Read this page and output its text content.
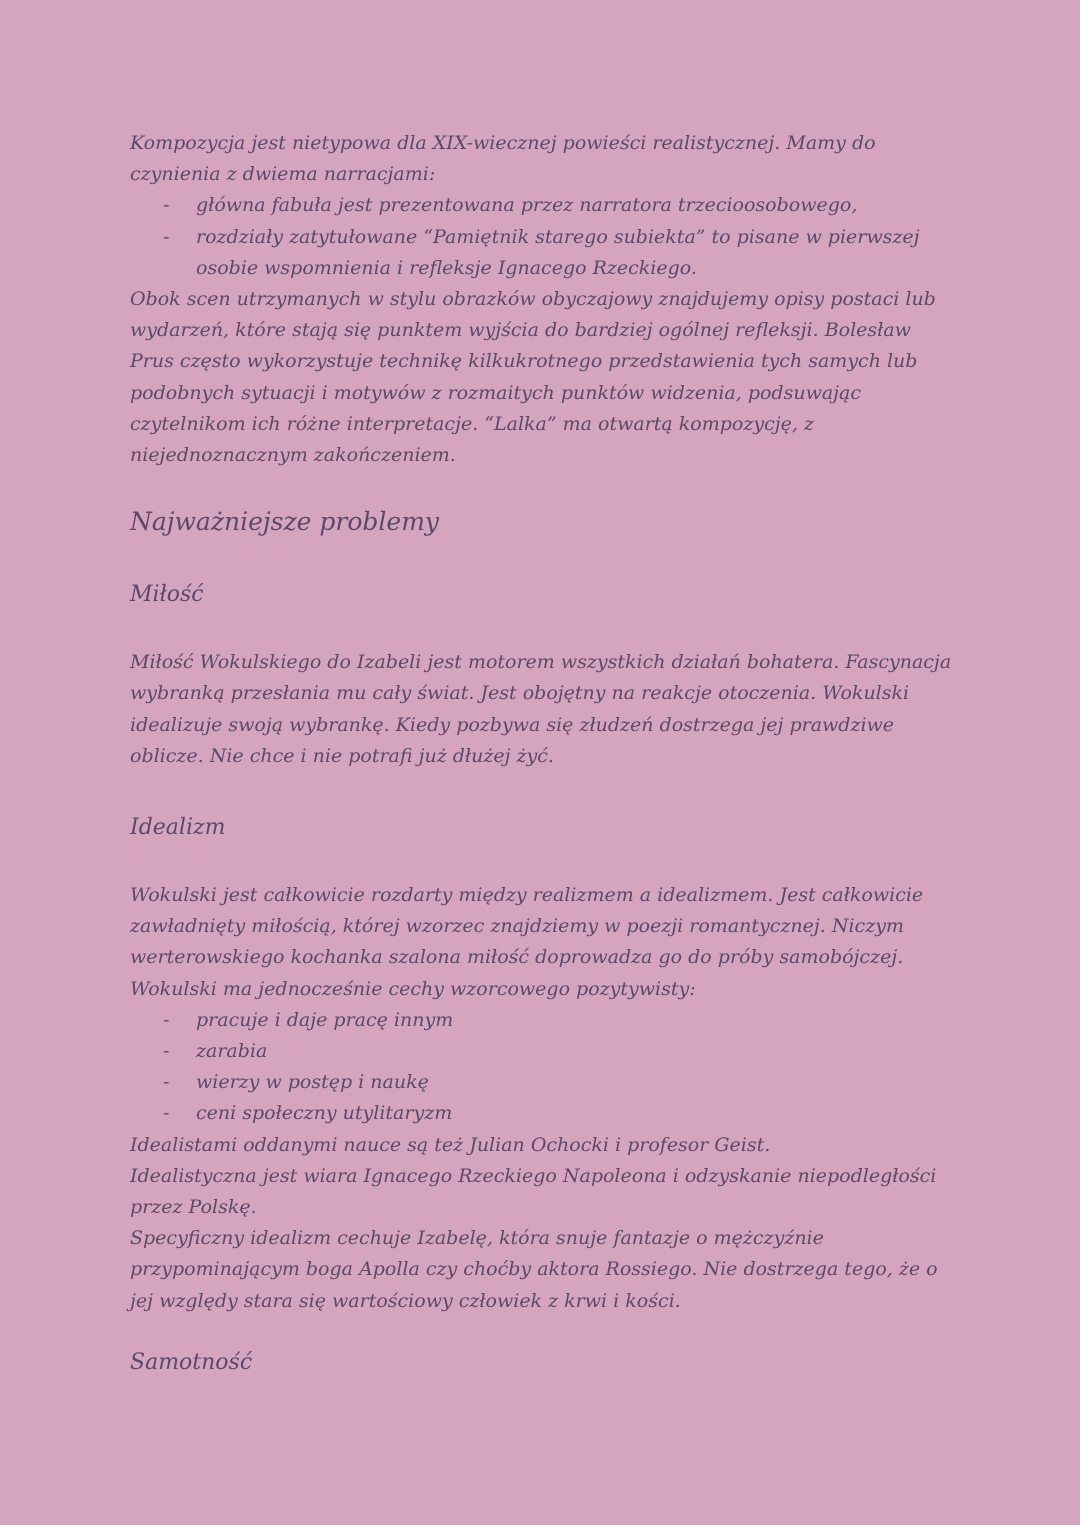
Kompozycja jest nietypowa dla XIX-wiecznej powieści realistycznej. Mamy do czynienia z dwiema narracjami:

- główna fabuła jest prezentowana przez narratora trzecioosobowego,
- rozdziały zatytułowane “Pamiętnik starego subiekta” to pisane w pierwszej osobie wspomnienia i refleksje Ignacego Rzeckiego.

Obok scen utrzymanych w stylu obrazków obyczajowy znajdujemy opisy postaci lub wydarzeń, które stają się punktem wyjścia do bardziej ogólnej refleksji. Bolesław Prus często wykorzystuje technikę kilkukrotnego przedstawienia tych samych lub podobnych sytuacji i motywów z rozmaitych punktów widzenia, podsuwając czytelnikom ich różne interpretacje. “Lalka” ma otwartą kompozycję, z niejednoznacznym zakończeniem.

Najważniejsze problemy
Miłość

Miłość Wokulskiego do Izabeli jest motorem wszystkich działań bohatera. Fascynacja wybranką przesłania mu cały świat. Jest obojętny na reakcje otoczenia. Wokulski idealizuje swoją wybrankę. Kiedy pozbywa się złudzeń dostrzega jej prawdziwe oblicze. Nie chce i nie potrafi już dłużej żyć.

Idealizm

Wokulski jest całkowicie rozdarty między realizmem a idealizmem. Jest całkowicie zawładnięty miłością, której wzorzec znajdziemy w poezji romantycznej. Niczym werterowskiego kochanka szalona miłość doprowadza go do próby samobójczej. Wokulski ma jednocześnie cechy wzorcowego pozytywisty:

- pracuje i daje pracę innym
- zarabia
- wierzy w postęp i naukę
- ceni społeczny utylitaryzm

Idealistami oddanymi nauce są też Julian Ochocki i profesor Geist.

Idealistyczna jest wiara Ignacego Rzeckiego Napoleona i odzyskanie niepodległości przez Polskę.

Specyficzny idealizm cechuje Izabelę, która snuje fantazje o mężczyźnie przypominającym boga Apolla czy choćby aktora Rossiego. Nie dostrzega tego, że o jej względy stara się wartościowy człowiek z krwi i kości.

Samotność
